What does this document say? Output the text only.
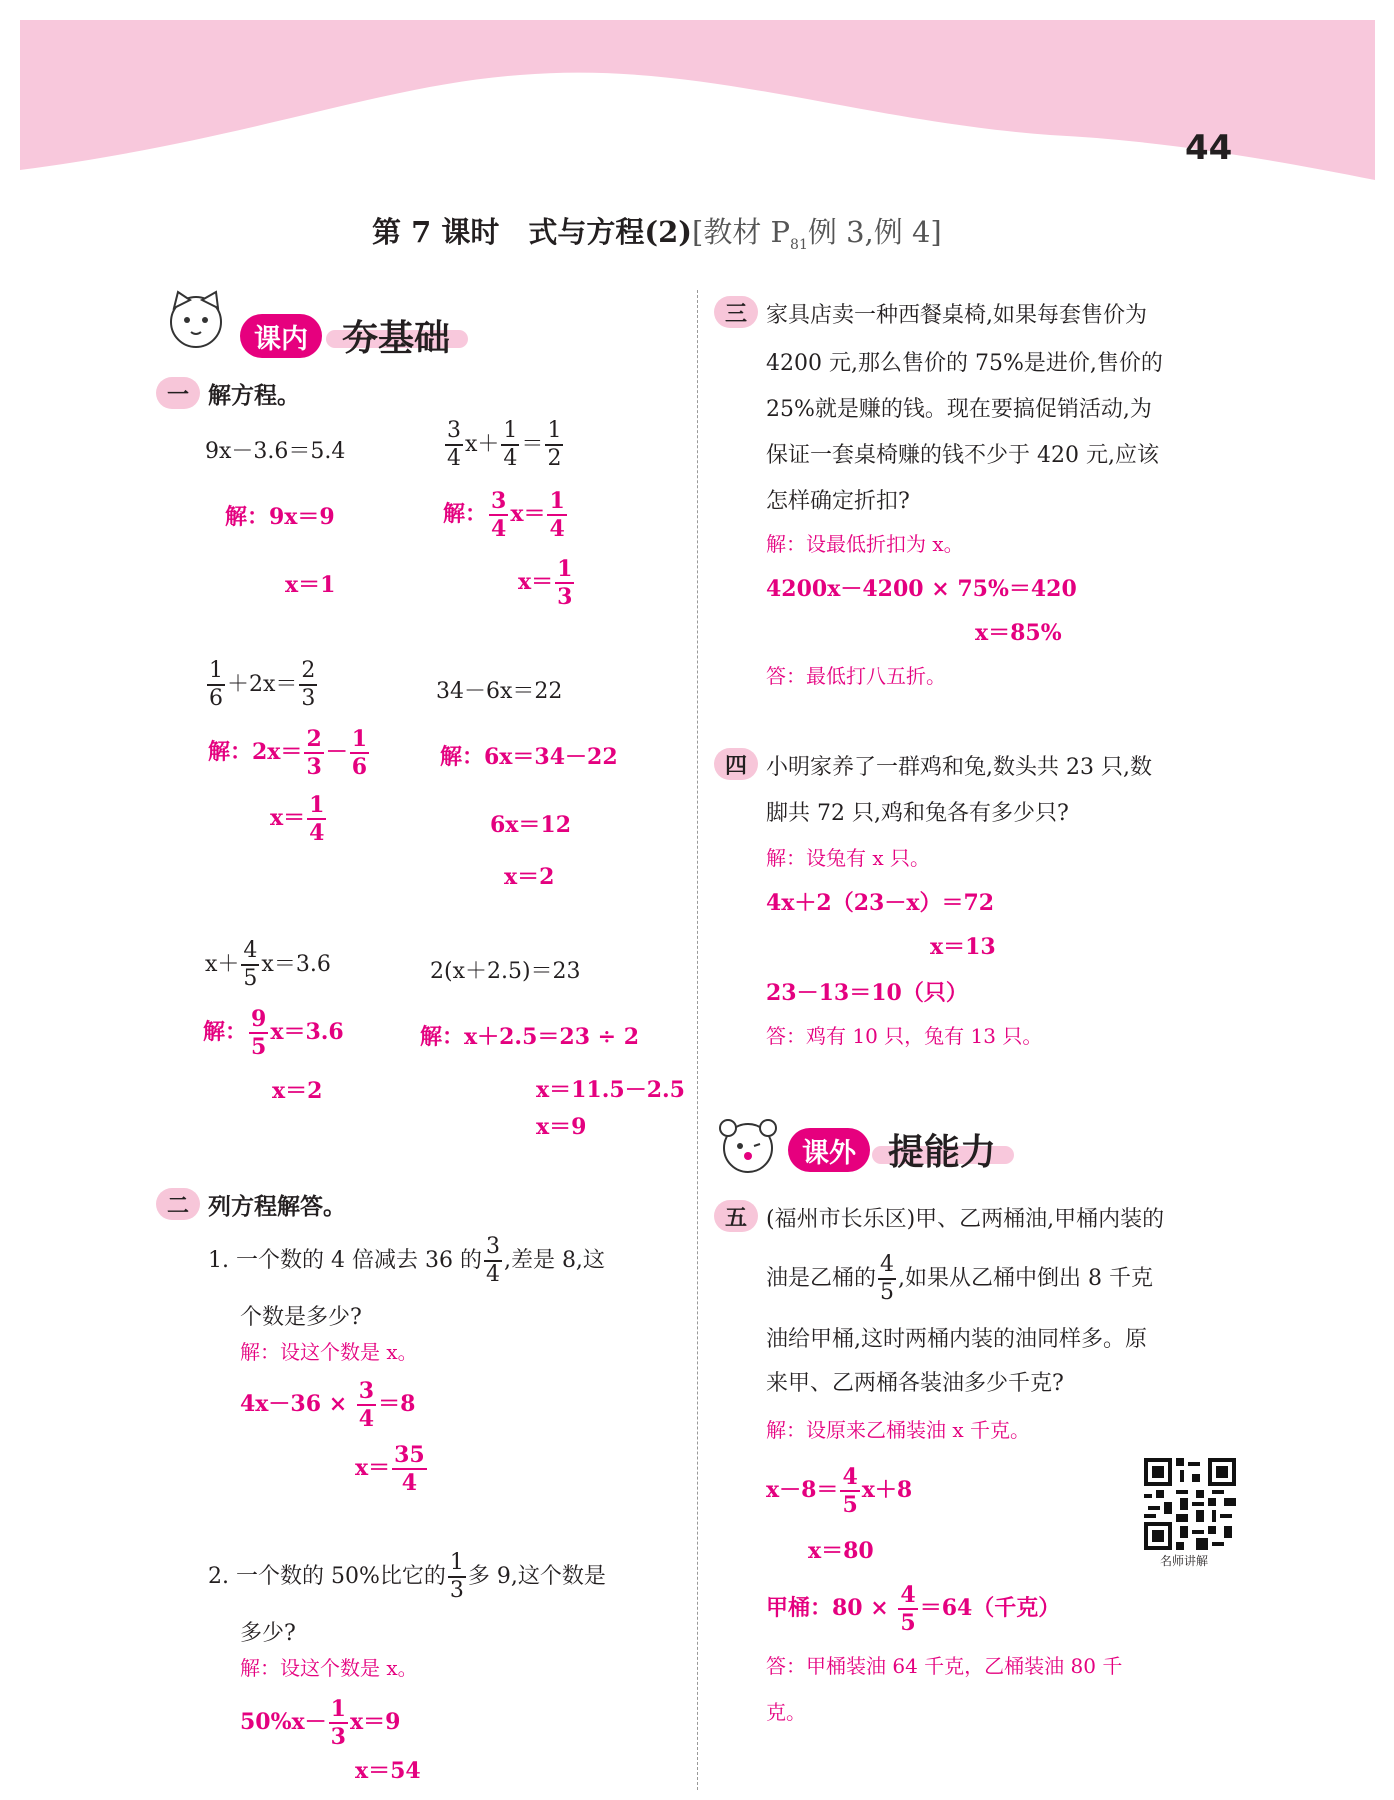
44
第 7 课时　式与方程(2)[教材 $P_{81}$例 3,例 4]
课内 夯基础
一 解方程。
9x－3.6＝5.4
解：9x＝9
x＝1
$\frac{3}{4} x+ \frac{1}{4} = \frac{1}{2}$
解： $\frac{3}{4} x= \frac{1}{4}$
$x= \frac{1}{3}$
$\frac{1}{6} +2x= \frac{2}{3}$
解：$2x= \frac{2}{3} - \frac{1}{6}$
$x= \frac{1}{4}$
34－6x＝22
解：6x＝34－22
6x＝12
x＝2
$x+ \frac{4}{5} x=3.6$
解： $\frac{9}{5} x=3.6$
x＝2
2(x＋2.5)＝23
解：x＋2.5＝23 ÷ 2
x＝11.5－2.5
x＝9
二 列方程解答。
1. 一个数的 4 倍减去 36 的 $\frac{3}{4}$ ,差是 8,这
个数是多少?
解：设这个数是 x。
$4x-36 \times \frac{3}{4} =8$
$x= \frac{35}{4}$
2. 一个数的 50%比它的 $\frac{1}{3}$ 多 9,这个数是
多少?
解：设这个数是 x。
$50\%x- \frac{1}{3} x=9$
x＝54
三 家具店卖一种西餐桌椅,如果每套售价为
4200 元,那么售价的 75%是进价,售价的
25%就是赚的钱。现在要搞促销活动,为
保证一套桌椅赚的钱不少于 420 元,应该
怎样确定折扣?
解：设最低折扣为 x。
4200x－4200 × 75%＝420
x＝85%
答：最低打八五折。
四 小明家养了一群鸡和兔,数头共 23 只,数
脚共 72 只,鸡和兔各有多少只?
解：设兔有 x 只。
4x＋2（23－x）＝72
x＝13
23－13＝10（只）
答：鸡有 10 只，兔有 13 只。
课外 提能力
五 (福州市长乐区)甲、乙两桶油,甲桶内装的
油是乙桶的 $\frac{4}{5}$ ,如果从乙桶中倒出 8 千克
油给甲桶,这时两桶内装的油同样多。原
来甲、乙两桶各装油多少千克?
解：设原来乙桶装油 x 千克。
$x-8= \frac{4}{5} x+8$
x＝80
甲桶：$80 \times \frac{4}{5} =64$（千克）
答：甲桶装油 64 千克，乙桶装油 80 千
克。
名师讲解
